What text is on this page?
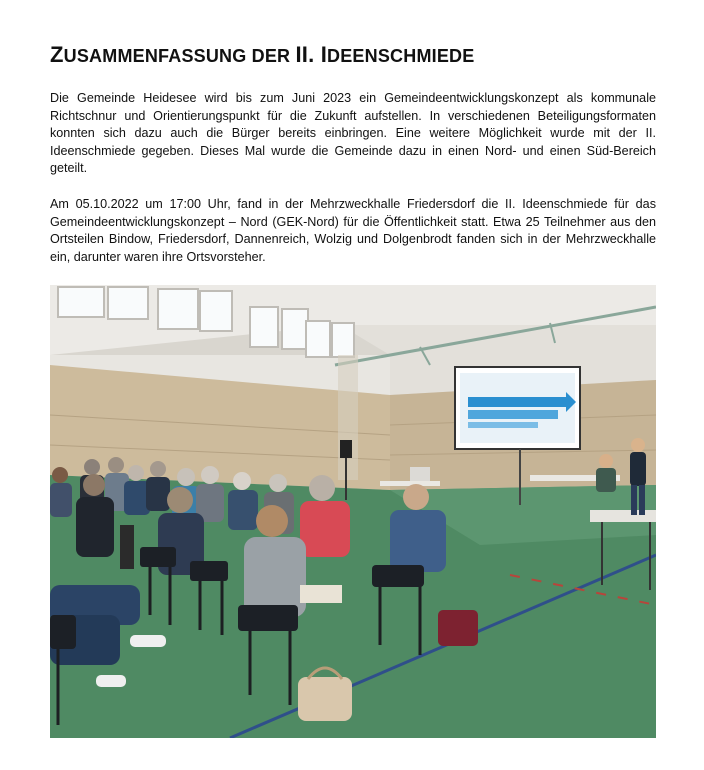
ZUSAMMENFASSUNG DER II. IDEENSCHMIEDE

Die Gemeinde Heidesee wird bis zum Juni 2023 ein Gemeindeentwicklungskonzept als kommunale Richtschnur und Orientierungspunkt für die Zukunft aufstellen. In verschiedenen Beteiligungsformaten konnten sich dazu auch die Bürger bereits einbringen. Eine weitere Möglichkeit wurde mit der II. Ideenschmiede gegeben. Dieses Mal wurde die Gemeinde dazu in einen Nord- und einen Süd-Bereich geteilt.

Am 05.10.2022 um 17:00 Uhr, fand in der Mehrzweckhalle Friedersdorf die II. Ideenschmiede für das Gemeindeentwicklungskonzept – Nord (GEK-Nord) für die Öffentlichkeit statt. Etwa 25 Teilnehmer aus den Ortsteilen Bindow, Friedersdorf, Dannenreich, Wolzig und Dolgenbrodt fanden sich in der Mehrzweckhalle ein, darunter waren ihre Ortsvorsteher.
